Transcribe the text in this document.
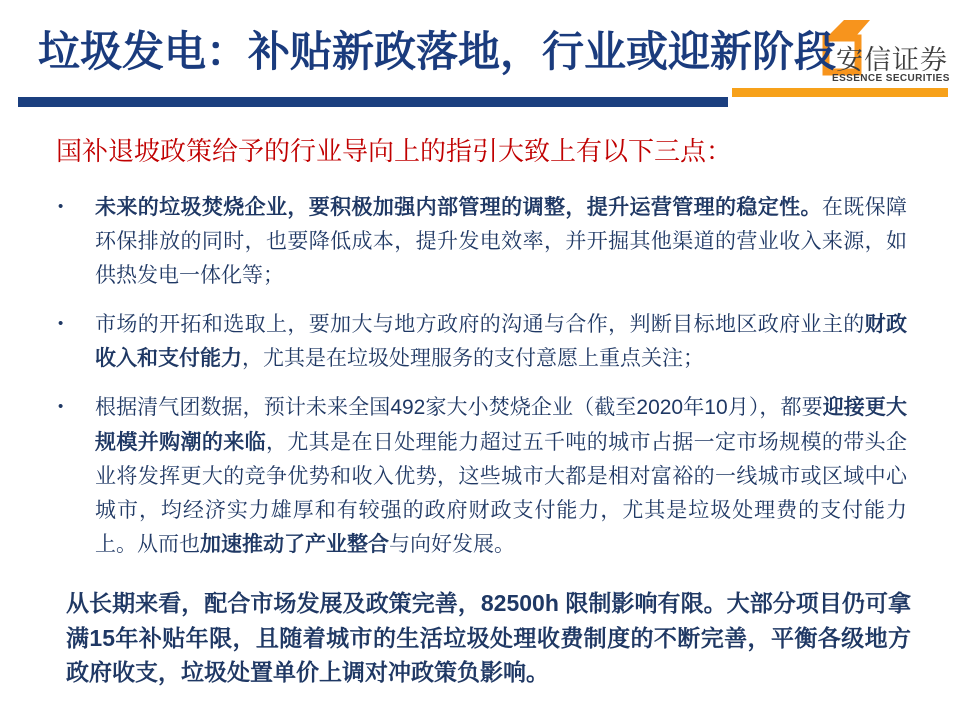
安信证券
ESSENCE SECURITIES
垃圾发电：补贴新政落地，行业或迎新阶段
国补退坡政策给予的行业导向上的指引大致上有以下三点：
•	未来的垃圾焚烧企业，要积极加强内部管理的调整，提升运营管理的稳定性。在既保障环保排放的同时，也要降低成本，提升发电效率，并开掘其他渠道的营业收入来源，如供热发电一体化等；
•	市场的开拓和选取上，要加大与地方政府的沟通与合作，判断目标地区政府业主的财政收入和支付能力，尤其是在垃圾处理服务的支付意愿上重点关注；
•	根据清气团数据，预计未来全国492家大小焚烧企业（截至2020年10月），都要迎接更大规模并购潮的来临，尤其是在日处理能力超过五千吨的城市占据一定市场规模的带头企业将发挥更大的竞争优势和收入优势，这些城市大都是相对富裕的一线城市或区域中心城市，均经济实力雄厚和有较强的政府财政支付能力，尤其是垃圾处理费的支付能力上。从而也加速推动了产业整合与向好发展。
从长期来看，配合市场发展及政策完善，82500h 限制影响有限。大部分项目仍可拿满15年补贴年限，且随着城市的生活垃圾处理收费制度的不断完善，平衡各级地方政府收支，垃圾处置单价上调对冲政策负影响。
